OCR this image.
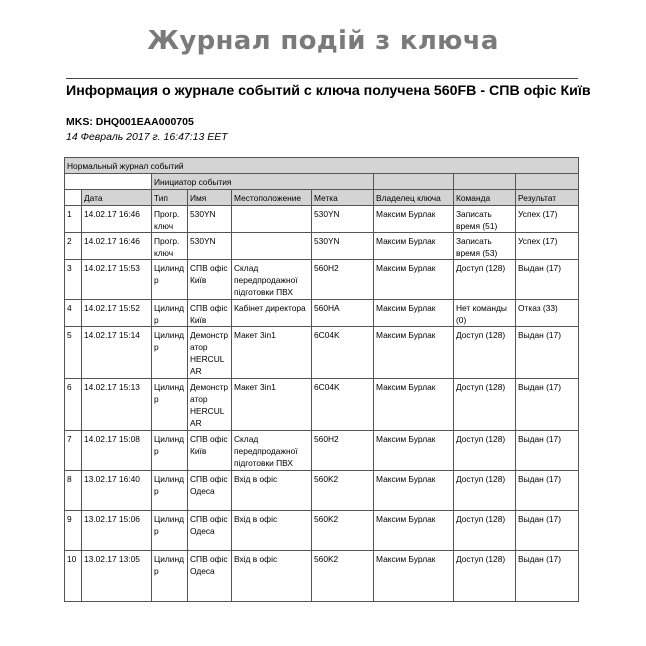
Журнал подій з ключа
Информация о журнале событий с ключа получена 560FB - СПВ офіс Київ
MKS: DHQ001EAA000705
14 Февраль 2017 г. 16:47:13 EET
Нормальный журнал событий								
		Инициатор события						
	Дата	Тип	Имя	Местоположение	Метка	Владелец ключа	Команда	Результат
1	14.02.17 16:46	Прогр. ключ	530YN		530YN	Максим Бурлак	Записать время (51)	Успех (17)
2	14.02.17 16:46	Прогр. ключ	530YN		530YN	Максим Бурлак	Записать время (53)	Успех (17)
3	14.02.17 15:53	Цилиндр	СПВ офіс Київ	Склад передпродажної підготовки ПВХ	560H2	Максим Бурлак	Доступ (128)	Выдан (17)
4	14.02.17 15:52	Цилиндр	СПВ офіс Київ	Кабінет директора	560HA	Максим Бурлак	Нет команды (0)	Отказ (33)
5	14.02.17 15:14	Цилиндр	Демонстратор HERCULAR	Макет 3in1	6C04K	Максим Бурлак	Доступ (128)	Выдан (17)
6	14.02.17 15:13	Цилиндр	Демонстратор HERCULAR	Макет 3in1	6C04K	Максим Бурлак	Доступ (128)	Выдан (17)
7	14.02.17 15:08	Цилиндр	СПВ офіс Київ	Склад передпродажної підготовки ПВХ	560H2	Максим Бурлак	Доступ (128)	Выдан (17)
8	13.02.17 16:40	Цилиндр	СПВ офіс Одеса	Вхід в офіс	560K2	Максим Бурлак	Доступ (128)	Выдан (17)
9	13.02.17 15:06	Цилиндр	СПВ офіс Одеса	Вхід в офіс	560K2	Максим Бурлак	Доступ (128)	Выдан (17)
10	13.02.17 13:05	Цилиндр	СПВ офіс Одеса	Вхід в офіс	560K2	Максим Бурлак	Доступ (128)	Выдан (17)
